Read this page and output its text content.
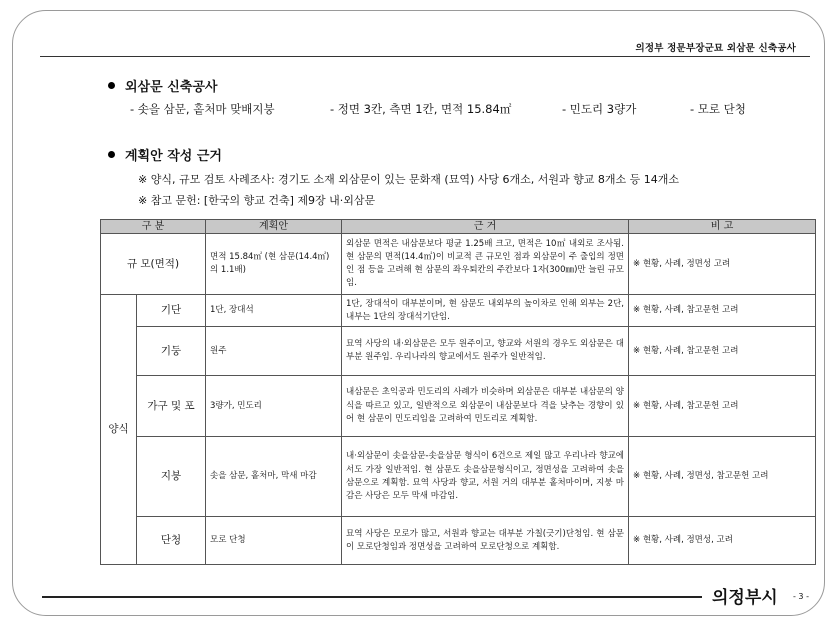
의정부 정문부장군묘 외삼문 신축공사
외삼문 신축공사
- 솟을 삼문, 홑처마 맞배지붕	- 정면 3칸, 측면 1칸, 면적 15.84㎡	- 민도리 3량가	- 모로 단청
계획안 작성 근거
※ 양식, 규모 검토 사례조사: 경기도 소재 외삼문이 있는 문화재 (묘역) 사당 6개소, 서원과 향교 8개소 등 14개소
※ 참고 문헌: [한국의 향교 건축] 제9장 내·외삼문
구 분		계획안	근 거	비 고
규 모(면적)		면적 15.84㎡ (현 삼문(14.4㎡)의 1.1배)	외삼문 면적은 내삼문보다 평균 1.25배 크고, 면적은 10㎡ 내외로 조사됨. 현 삼문의 면적(14.4㎡)이 비교적 큰 규모인 점과 외삼문이 주 출입의 정면인 점 등을 고려해 현 삼문의 좌우퇴칸의 주칸보다 1자(300㎜)만 늘린 규모임.	※ 현황, 사례, 정면성 고려
양식	기단	1단, 장대석	1단, 장대석이 대부분이며, 현 삼문도 내외부의 높이차로 인해 외부는 2단, 내부는 1단의 장대석기단임.	※ 현황, 사례, 참고문헌 고려
	기둥	원주	묘역 사당의 내·외삼문은 모두 원주이고, 향교와 서원의 경우도 외삼문은 대부분 원주임. 우리나라의 향교에서도 원주가 일반적임.	※ 현황, 사례, 참고문헌 고려
	가구 및 포	3량가, 민도리	내삼문은 초익공과 민도리의 사례가 비슷하며 외삼문은 대부분 내삼문의 양식을 따르고 있고, 일반적으로 외삼문이 내삼문보다 격을 낮추는 경향이 있어 현 삼문이 민도리임을 고려하여 민도리로 계획함.	※ 현황, 사례, 참고문헌 고려
	지붕	솟을 삼문, 홑처마, 막새 마감	내·외삼문이 솟을삼문-솟을삼문 형식이 6건으로 제일 많고 우리나라 향교에서도 가장 일반적임. 현 삼문도 솟을삼문형식이고, 정면성을 고려하여 솟을삼문으로 계획함. 묘역 사당과 향교, 서원 거의 대부분 홑처마이며, 지붕 마감은 사당은 모두 막새 마감임.	※ 현황, 사례, 정면성, 참고문헌 고려
	단청	모로 단청	묘역 사당은 모로가 많고, 서원과 향교는 대부분 가칠(긋기)단청임. 현 삼문이 모로단청임과 정면성을 고려하여 모로단청으로 계획함.	※ 현황, 사례, 정면성, 고려
의정부시 - 3 -
